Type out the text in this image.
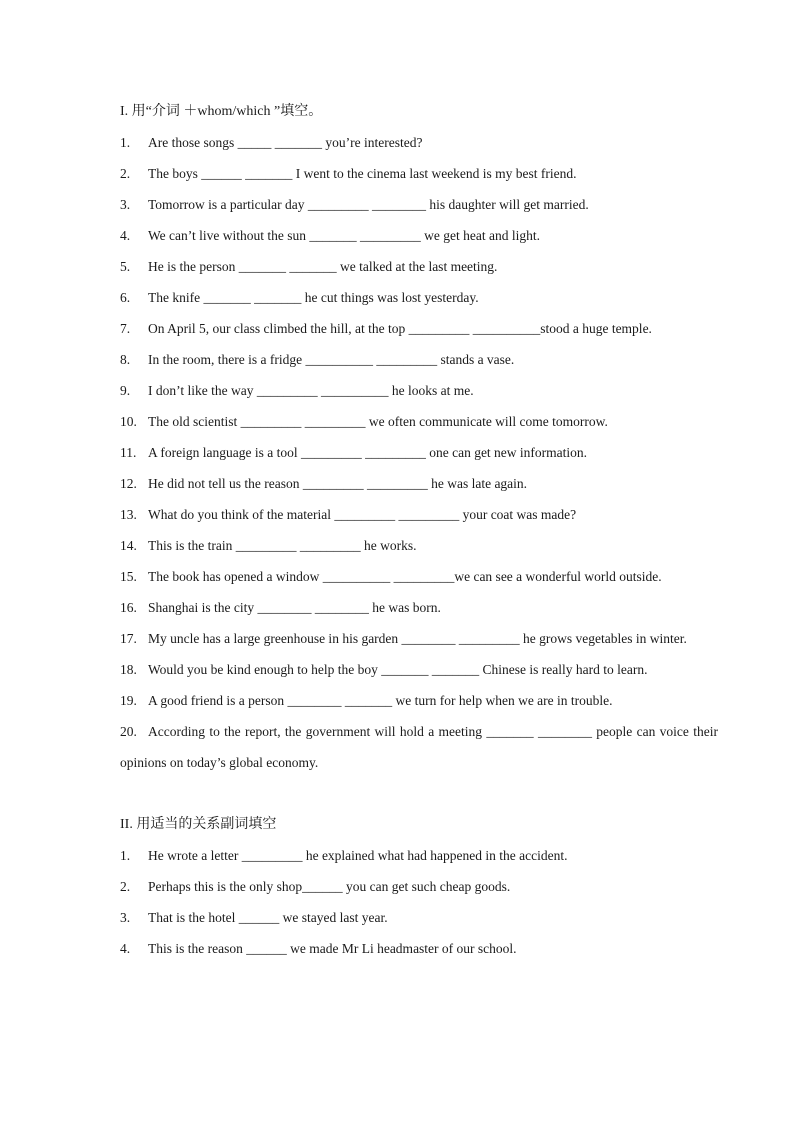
I. 用“介词 ＋whom/which ”填空。
1. Are those songs _____ _______ you’re interested?
2. The boys ______ _______ I went to the cinema last weekend is my best friend.
3. Tomorrow is a particular day _________ ________ his daughter will get married.
4. We can’t live without the sun _______ _________ we get heat and light.
5. He is the person _______ _______ we talked at the last meeting.
6. The knife _______ _______ he cut things was lost yesterday.
7. On April 5, our class climbed the hill, at the top _________ __________stood a huge temple.
8. In the room, there is a fridge __________ _________ stands a vase.
9. I don’t like the way _________ __________ he looks at me.
10. The old scientist _________ _________ we often communicate will come tomorrow.
11. A foreign language is a tool _________ _________ one can get new information.
12. He did not tell us the reason _________ _________ he was late again.
13. What do you think of the material _________ _________ your coat was made?
14. This is the train _________ _________ he works.
15. The book has opened a window __________ _________we can see a wonderful world outside.
16. Shanghai is the city ________ ________ he was born.
17. My uncle has a large greenhouse in his garden ________ _________ he grows vegetables in winter.
18. Would you be kind enough to help the boy _______ _______ Chinese is really hard to learn.
19. A good friend is a person ________ _______ we turn for help when we are in trouble.
20. According to the report, the government will hold a meeting _______ ________ people can voice their opinions on today’s global economy.
II. 用适当的关系副词填空
1. He wrote a letter _________ he explained what had happened in the accident.
2. Perhaps this is the only shop______ you can get such cheap goods.
3. That is the hotel ______ we stayed last year.
4. This is the reason ______ we made Mr Li headmaster of our school.
